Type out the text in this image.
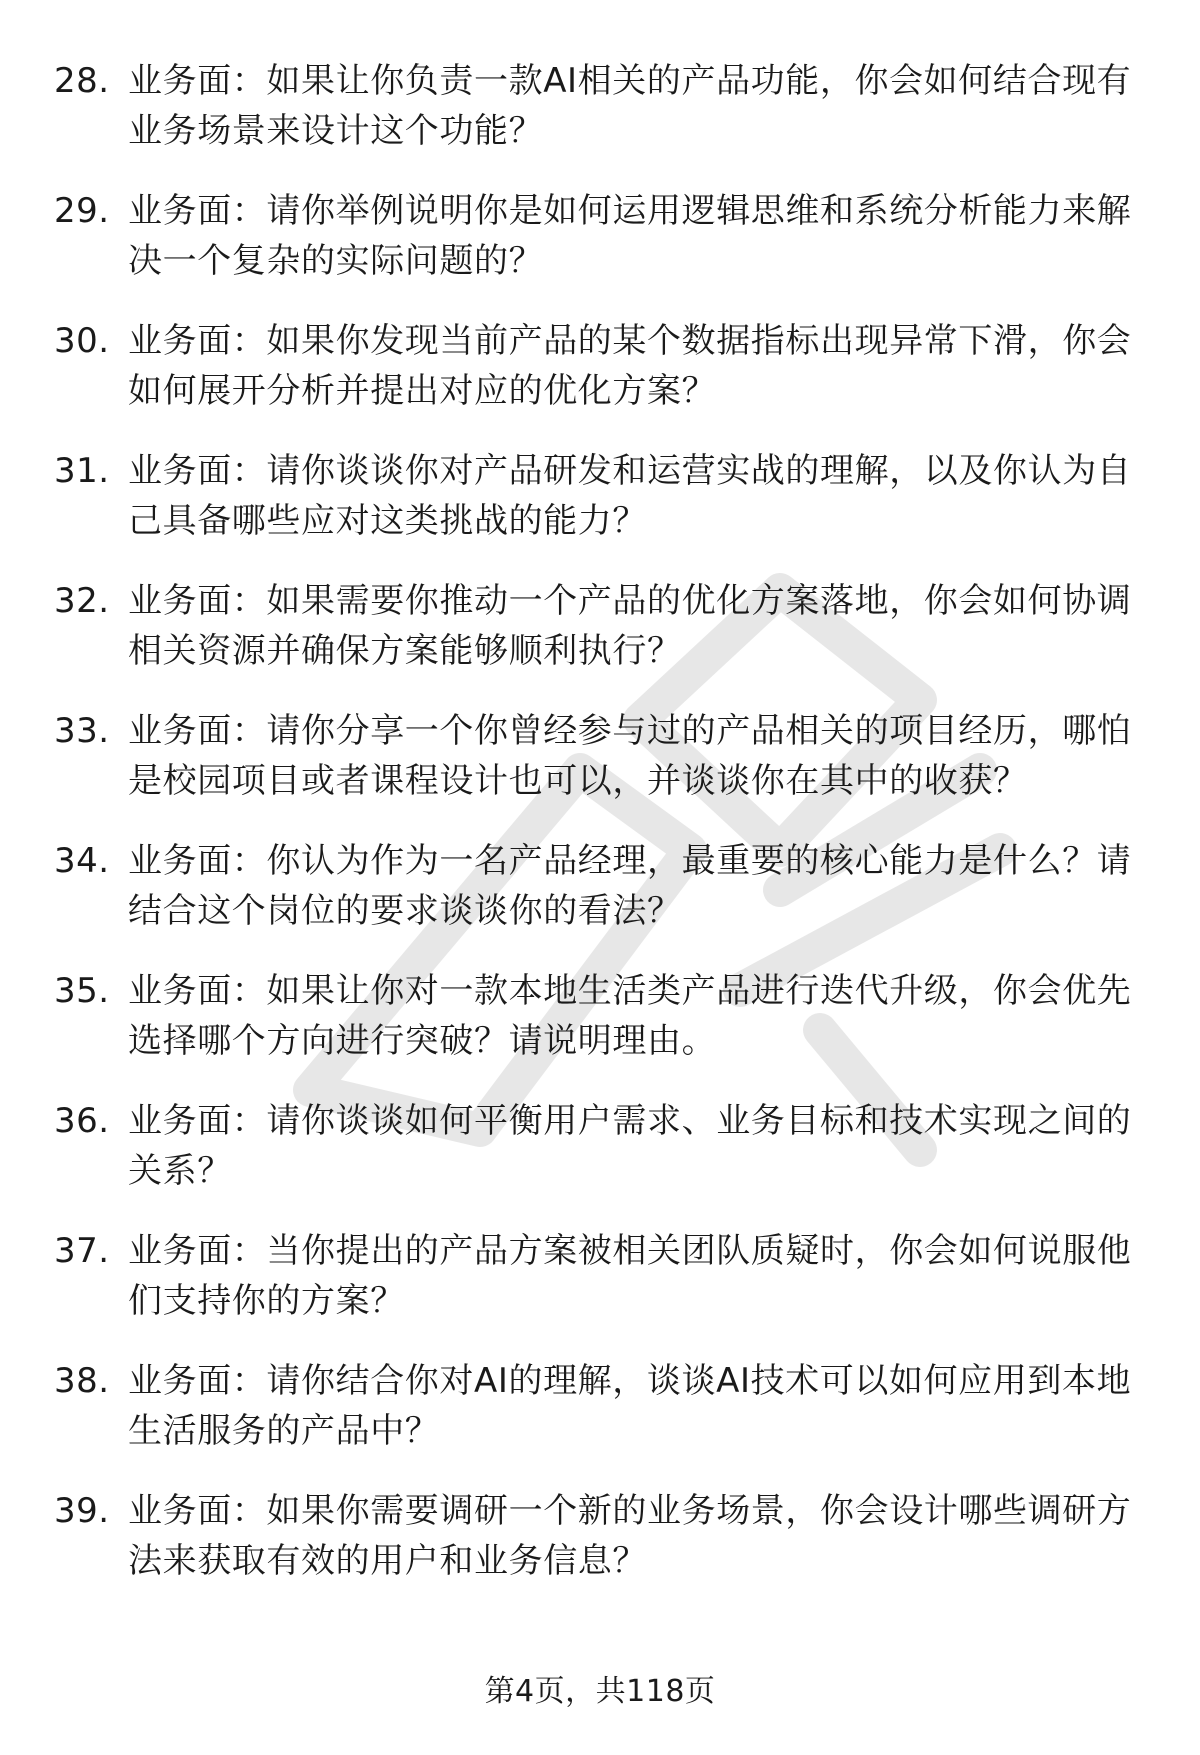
28. 业务面：如果让你负责一款AI相关的产品功能，你会如何结合现有业务场景来设计这个功能？
29. 业务面：请你举例说明你是如何运用逻辑思维和系统分析能力来解决一个复杂的实际问题的？
30. 业务面：如果你发现当前产品的某个数据指标出现异常下滑，你会如何展开分析并提出对应的优化方案？
31. 业务面：请你谈谈你对产品研发和运营实战的理解，以及你认为自己具备哪些应对这类挑战的能力？
32. 业务面：如果需要你推动一个产品的优化方案落地，你会如何协调相关资源并确保方案能够顺利执行？
33. 业务面：请你分享一个你曾经参与过的产品相关的项目经历，哪怕是校园项目或者课程设计也可以，并谈谈你在其中的收获？
34. 业务面：你认为作为一名产品经理，最重要的核心能力是什么？请结合这个岗位的要求谈谈你的看法？
35. 业务面：如果让你对一款本地生活类产品进行迭代升级，你会优先选择哪个方向进行突破？请说明理由。
36. 业务面：请你谈谈如何平衡用户需求、业务目标和技术实现之间的关系？
37. 业务面：当你提出的产品方案被相关团队质疑时，你会如何说服他们支持你的方案？
38. 业务面：请你结合你对AI的理解，谈谈AI技术可以如何应用到本地生活服务的产品中？
39. 业务面：如果你需要调研一个新的业务场景，你会设计哪些调研方法来获取有效的用户和业务信息？
第4页，共118页
